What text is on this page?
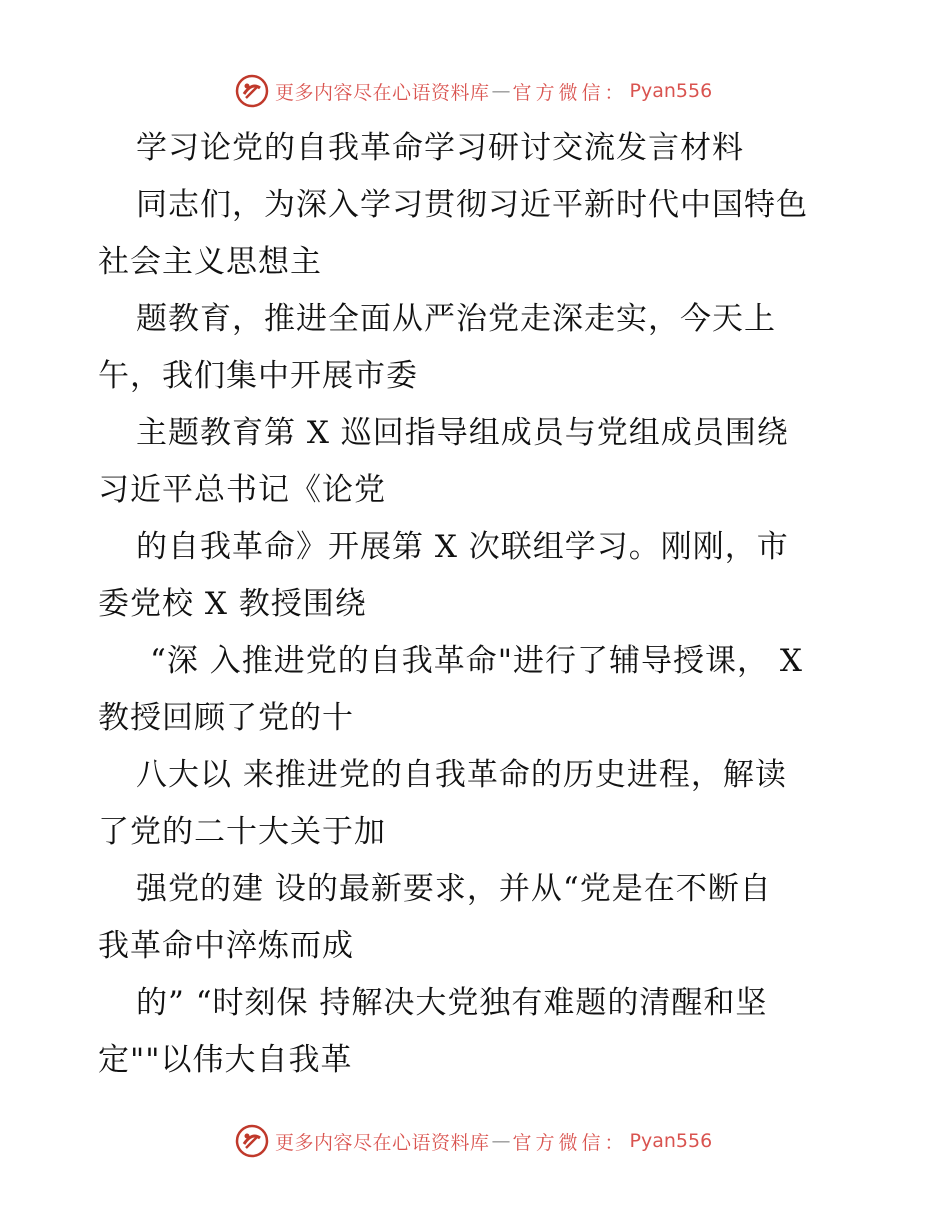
更多内容尽在心语资料库 — 官方微信： Pyan556
学习论党的自我革命学习研讨交流发言材料
同志们，为深入学习贯彻习近平新时代中国特色
社会主义思想主
题教育，推进全面从严治党走深走实，今天上
午，我们集中开展市委
主题教育第 X 巡回指导组成员与党组成员围绕
习近平总书记《论党
的自我革命》开展第 X 次联组学习。刚刚，市
委党校 X 教授围绕
“深 入推进党的自我革命"进行了辅导授课， X
教授回顾了党的十
八大以 来推进党的自我革命的历史进程，解读
了党的二十大关于加
强党的建 设的最新要求，并从“党是在不断自
我革命中淬炼而成
的” “时刻保 持解决大党独有难题的清醒和坚
定""以伟大自我革
更多内容尽在心语资料库 — 官方微信： Pyan556
